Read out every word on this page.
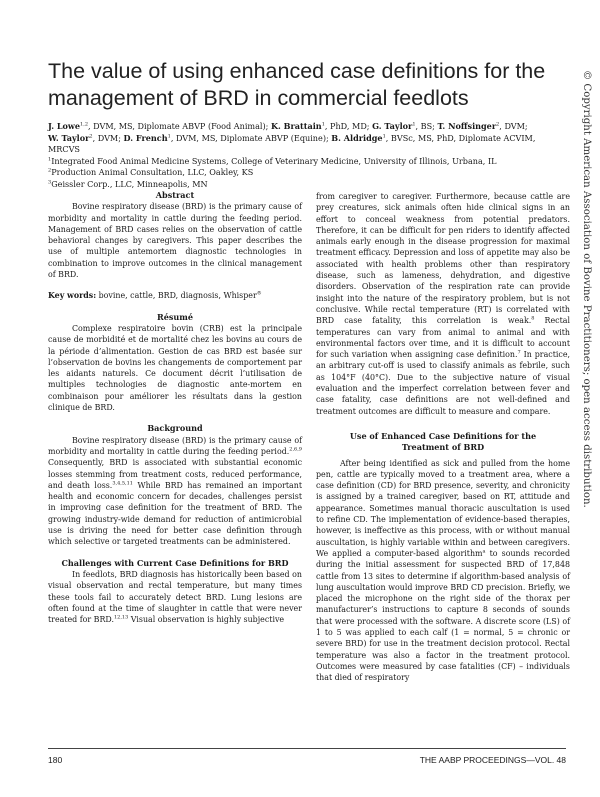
The value of using enhanced case definitions for the management of BRD in commercial feedlots

J. Lowe$^{1,2}$, DVM, MS, Diplomate ABVP (Food Animal); K. Brattain$^1$, PhD, MD; G. Taylor$^1$, BS; T. Noffsinger$^2$, DVM;

W. Taylor$^2$, DVM; D. French$^1$, DVM, MS, Diplomate ABVP (Equine); B. Aldridge$^1$, BVSc, MS, PhD, Diplomate ACVIM, MRCVS

$^1$Integrated Food Animal Medicine Systems, College of Veterinary Medicine, University of Illinois, Urbana, IL

$^2$Production Animal Consultation, LLC, Oakley, KS

$^3$Geissler Corp., LLC, Minneapolis, MN

Abstract

Bovine respiratory disease (BRD) is the primary cause of morbidity and mortality in cattle during the feeding period. Management of BRD cases relies on the observation of cattle behavioral changes by caregivers. This paper describes the use of multiple antemortem diagnostic technologies in combination to improve outcomes in the clinical management of BRD.

Key words: bovine, cattle, BRD, diagnosis, Whisper®

Résumé

Complexe respiratoire bovin (CRB) est la principale cause de morbidité et de mortalité chez les bovins au cours de la période d’alimentation. Gestion de cas BRD est basée sur l’observation de bovins les changements de comportement par les aidants naturels. Ce document décrit l’utilisation de multiples technologies de diagnostic ante-mortem en combinaison pour améliorer les résultats dans la gestion clinique de BRD.

Background

Bovine respiratory disease (BRD) is the primary cause of morbidity and mortality in cattle during the feeding period.$^{2,6,9}$ Consequently, BRD is associated with substantial economic losses stemming from treatment costs, reduced performance, and death loss.$^{3,4,5,11}$ While BRD has remained an important health and economic concern for decades, challenges persist in improving case definition for the treatment of BRD. The growing industry-wide demand for reduction of antimicrobial use is driving the need for better case definition through which selective or targeted treatments can be administered.

Challenges with Current Case Definitions for BRD

In feedlots, BRD diagnosis has historically been based on visual observation and rectal temperature, but many times these tools fail to accurately detect BRD. Lung lesions are often found at the time of slaughter in cattle that were never treated for BRD.$^{12,13}$ Visual observation is highly subjective

from caregiver to caregiver. Furthermore, because cattle are prey creatures, sick animals often hide clinical signs in an effort to conceal weakness from potential predators. Therefore, it can be difficult for pen riders to identify affected animals early enough in the disease progression for maximal treatment efficacy. Depression and loss of appetite may also be associated with health problems other than respiratory disease, such as lameness, dehydration, and digestive disorders. Observation of the respiration rate can provide insight into the nature of the respiratory problem, but is not conclusive. While rectal temperature (RT) is correlated with BRD case fatality, this correlation is weak.$^8$ Rectal temperatures can vary from animal to animal and with environmental factors over time, and it is difficult to account for such variation when assigning case definition.$^7$ In practice, an arbitrary cut-off is used to classify animals as febrile, such as 104°F (40°C). Due to the subjective nature of visual evaluation and the imperfect correlation between fever and case fatality, case definitions are not well-defined and treatment outcomes are difficult to measure and compare.

Use of Enhanced Case Definitions for the Treatment of BRD

After being identified as sick and pulled from the home pen, cattle are typically moved to a treatment area, where a case definition (CD) for BRD presence, severity, and chronicity is assigned by a trained caregiver, based on RT, attitude and appearance. Sometimes manual thoracic auscultation is used to refine CD. The implementation of evidence-based therapies, however, is ineffective as this process, with or without manual auscultation, is highly variable within and between caregivers. We applied a computer-based algorithm$^a$ to sounds recorded during the initial assessment for suspected BRD of 17,848 cattle from 13 sites to determine if algorithm-based analysis of lung auscultation would improve BRD CD precision. Briefly, we placed the microphone on the right side of the thorax per manufacturer’s instructions to capture 8 seconds of sounds that were processed with the software. A discrete score (LS) of 1 to 5 was applied to each calf (1 = normal, 5 = chronic or severe BRD) for use in the treatment decision protocol. Rectal temperature was also a factor in the treatment protocol. Outcomes were measured by case fatalities (CF) – individuals that died of respiratory

© Copyright American Association of Bovine Practitioners; open access distribution.
180	THE AABP PROCEEDINGS—VOL. 48
